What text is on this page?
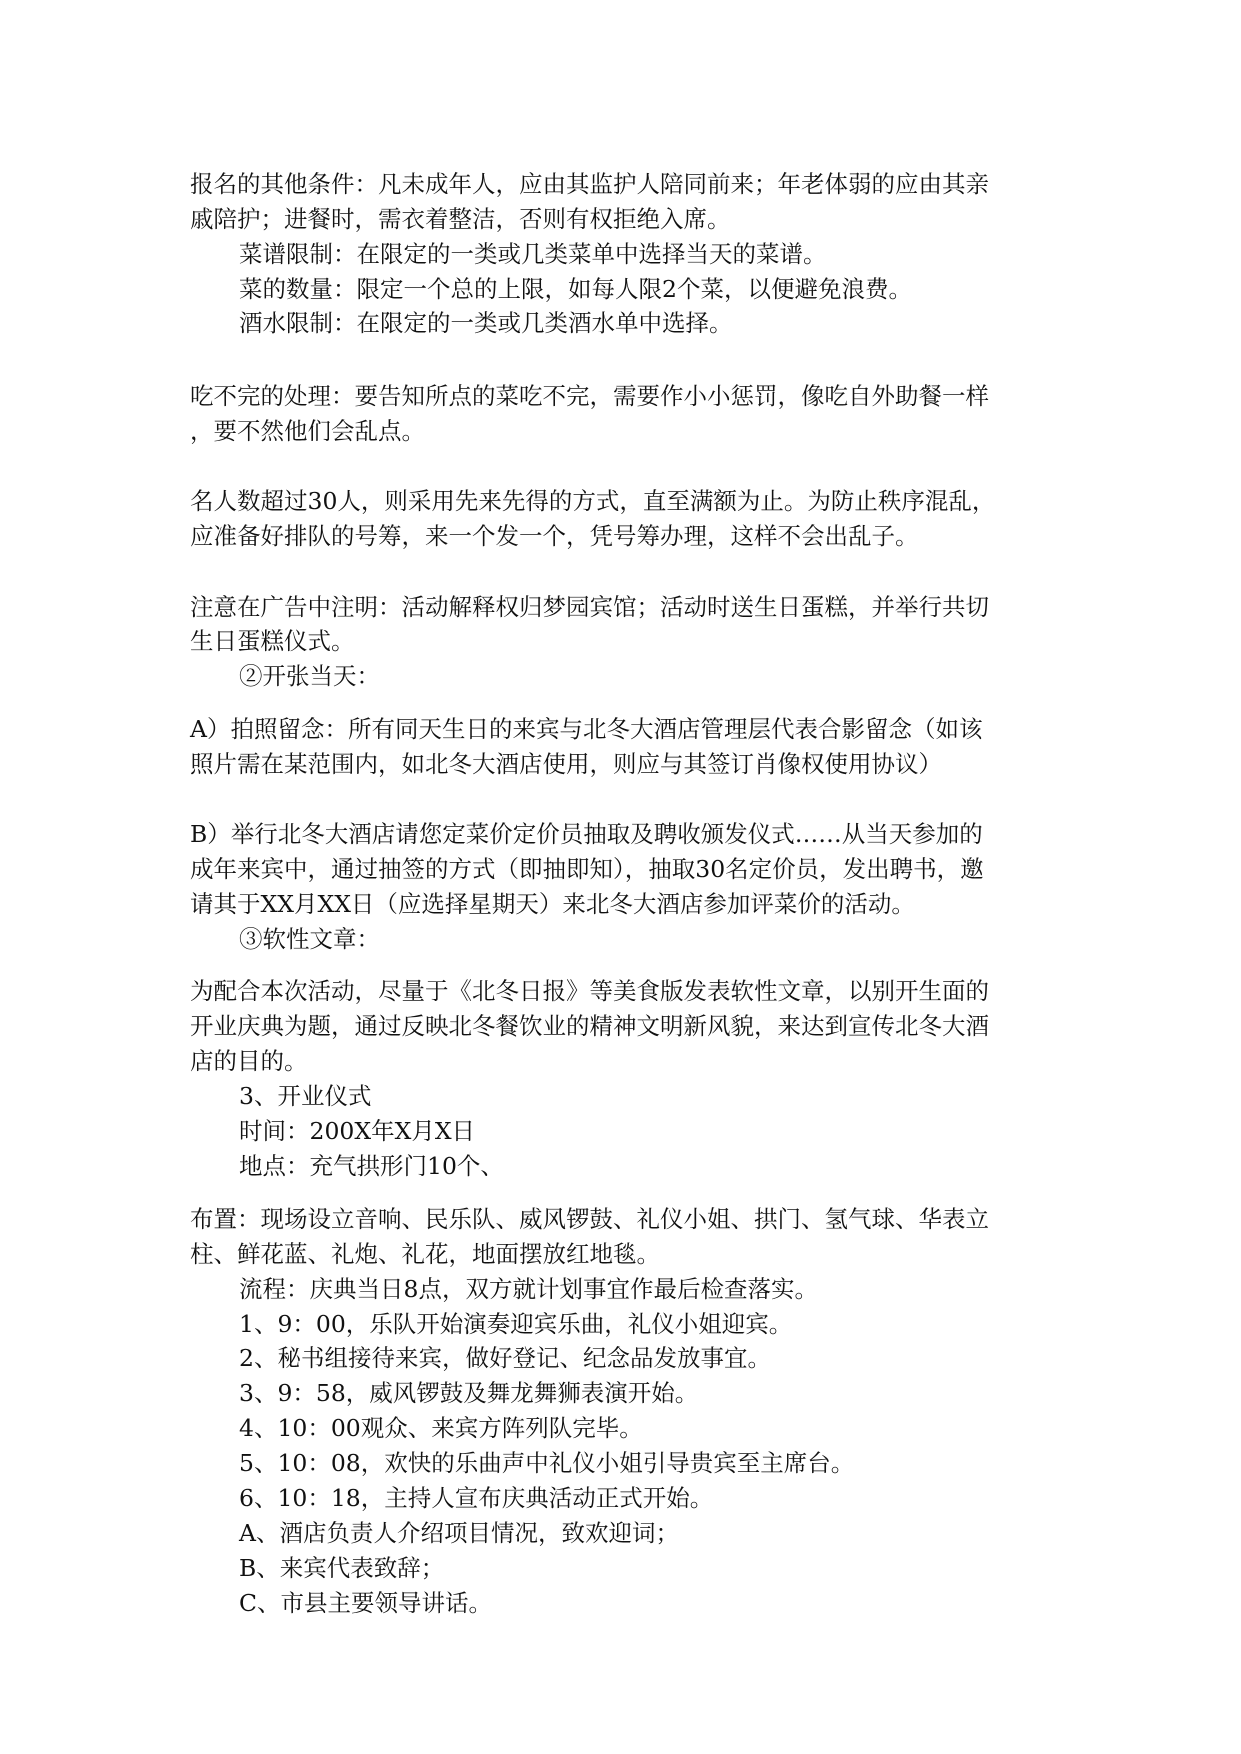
报名的其他条件：凡未成年人，应由其监护人陪同前来；年老体弱的应由其亲
戚陪护；进餐时，需衣着整洁，否则有权拒绝入席。
菜谱限制：在限定的一类或几类菜单中选择当天的菜谱。
菜的数量：限定一个总的上限，如每人限2个菜，以便避免浪费。
酒水限制：在限定的一类或几类酒水单中选择。
吃不完的处理：要告知所点的菜吃不完，需要作小小惩罚，像吃自外助餐一样
，要不然他们会乱点。
名人数超过30人，则采用先来先得的方式，直至满额为止。为防止秩序混乱，
应准备好排队的号筹，来一个发一个，凭号筹办理，这样不会出乱子。
注意在广告中注明：活动解释权归梦园宾馆；活动时送生日蛋糕，并举行共切
生日蛋糕仪式。
②开张当天：
A）拍照留念：所有同天生日的来宾与北冬大酒店管理层代表合影留念（如该
照片需在某范围内，如北冬大酒店使用，则应与其签订肖像权使用协议）
B）举行北冬大酒店请您定菜价定价员抽取及聘收颁发仪式……从当天参加的
成年来宾中，通过抽签的方式（即抽即知），抽取30名定价员，发出聘书，邀
请其于XX月XX日（应选择星期天）来北冬大酒店参加评菜价的活动。
③软性文章：
为配合本次活动，尽量于《北冬日报》等美食版发表软性文章，以别开生面的
开业庆典为题，通过反映北冬餐饮业的精神文明新风貌，来达到宣传北冬大酒
店的目的。
3、开业仪式
时间：200X年X月X日
地点：充气拱形门10个、
布置：现场设立音响、民乐队、威风锣鼓、礼仪小姐、拱门、氢气球、华表立
柱、鲜花蓝、礼炮、礼花，地面摆放红地毯。
流程：庆典当日8点，双方就计划事宜作最后检查落实。
1、9：00，乐队开始演奏迎宾乐曲，礼仪小姐迎宾。
2、秘书组接待来宾，做好登记、纪念品发放事宜。
3、9：58，威风锣鼓及舞龙舞狮表演开始。
4、10：00观众、来宾方阵列队完毕。
5、10：08，欢快的乐曲声中礼仪小姐引导贵宾至主席台。
6、10：18，主持人宣布庆典活动正式开始。
A、酒店负责人介绍项目情况，致欢迎词；
B、来宾代表致辞；
C、市县主要领导讲话。
